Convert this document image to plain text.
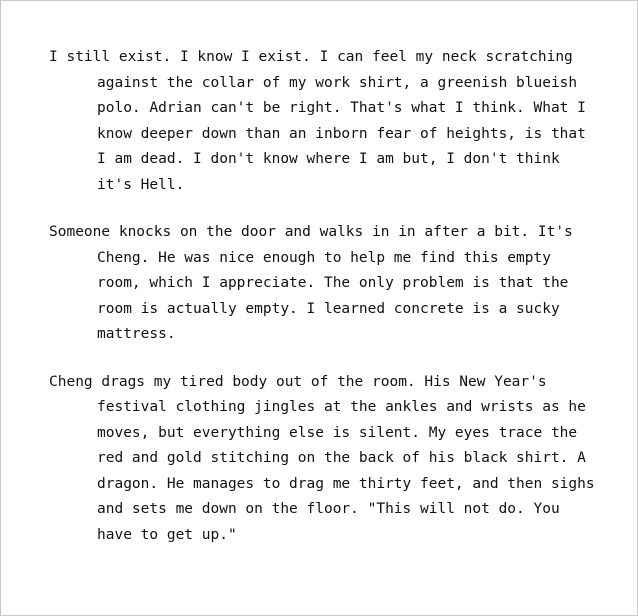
I still exist. I know I exist. I can feel my neck scratching against the collar of my work shirt, a greenish blueish polo. Adrian can't be right. That's what I think. What I know deeper down than an inborn fear of heights, is that I am dead. I don't know where I am but, I don't think it's Hell.

Someone knocks on the door and walks in in after a bit. It's Cheng. He was nice enough to help me find this empty room, which I appreciate. The only problem is that the room is actually empty. I learned concrete is a sucky mattress.

Cheng drags my tired body out of the room. His New Year's festival clothing jingles at the ankles and wrists as he moves, but everything else is silent. My eyes trace the red and gold stitching on the back of his black shirt. A dragon. He manages to drag me thirty feet, and then sighs and sets me down on the floor. "This will not do. You have to get up."
